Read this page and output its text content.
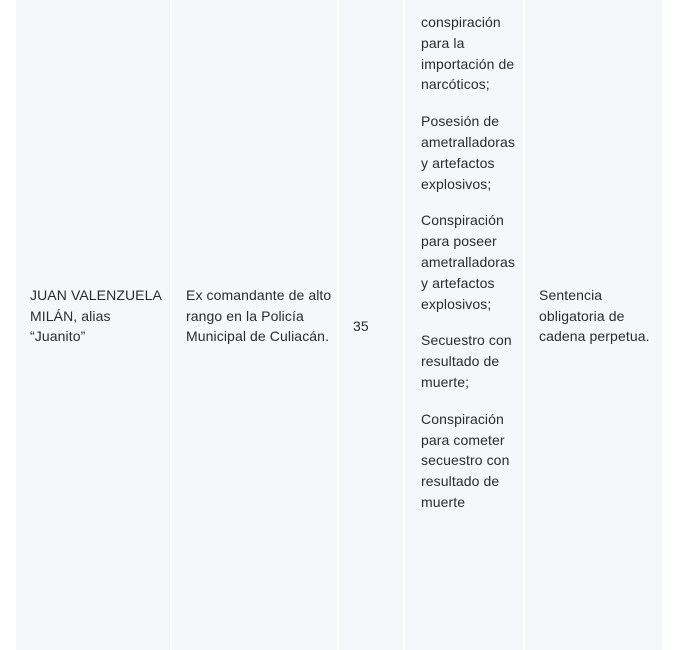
JUAN VALENZUELA MILÁN, alias “Juanito”
Ex comandante de alto rango en la Policía Municipal de Culiacán.
35
conspiración para la importación de narcóticos;
Posesión de ametralladoras y artefactos explosivos;
Conspiración para poseer ametralladoras y artefactos explosivos;
Secuestro con resultado de muerte;
Conspiración para cometer secuestro con resultado de muerte
Sentencia obligatoria de cadena perpetua.
